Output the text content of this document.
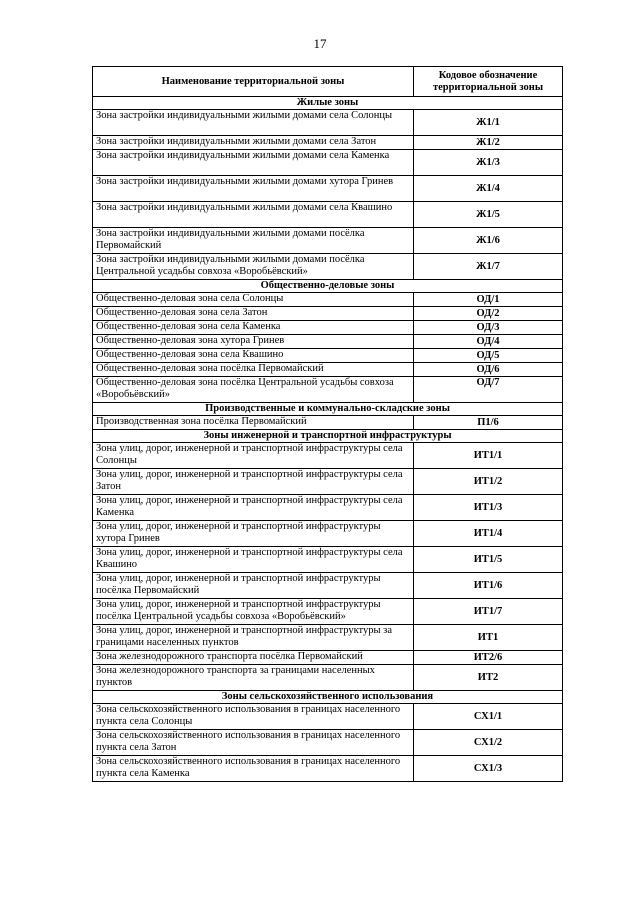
17
Наименование территориальной зоны	Кодовое обозначение территориальной зоны
Жилые зоны	
Зона застройки индивидуальными жилыми домами села Солонцы	Ж1/1
Зона застройки индивидуальными жилыми домами села Затон	Ж1/2
Зона застройки индивидуальными жилыми домами села Каменка	Ж1/3
Зона застройки индивидуальными жилыми домами хутора Гринев	Ж1/4
Зона застройки индивидуальными жилыми домами села Квашино	Ж1/5
Зона застройки индивидуальными жилыми домами посёлка Первомайский	Ж1/6
Зона застройки индивидуальными жилыми домами посёлка Центральной усадьбы совхоза «Воробьёвский»	Ж1/7
Общественно-деловые зоны	
Общественно-деловая зона села Солонцы	ОД/1
Общественно-деловая зона села Затон	ОД/2
Общественно-деловая зона села Каменка	ОД/3
Общественно-деловая зона хутора Гринев	ОД/4
Общественно-деловая зона села Квашино	ОД/5
Общественно-деловая зона посёлка Первомайский	ОД/6
Общественно-деловая зона посёлка Центральной усадьбы совхоза «Воробьёвский»	ОД/7
Производственные и коммунально-складские зоны	
Производственная зона посёлка Первомайский	П1/6
Зоны инженерной и транспортной инфраструктуры	
Зона улиц, дорог, инженерной и транспортной инфраструктуры села Солонцы	ИТ1/1
Зона улиц, дорог, инженерной и транспортной инфраструктуры села Затон	ИТ1/2
Зона улиц, дорог, инженерной и транспортной инфраструктуры села Каменка	ИТ1/3
Зона улиц, дорог, инженерной и транспортной инфраструктуры хутора Гринев	ИТ1/4
Зона улиц, дорог, инженерной и транспортной инфраструктуры села Квашино	ИТ1/5
Зона улиц, дорог, инженерной и транспортной инфраструктуры посёлка Первомайский	ИТ1/6
Зона улиц, дорог, инженерной и транспортной инфраструктуры посёлка Центральной усадьбы совхоза «Воробьёвский»	ИТ1/7
Зона улиц, дорог, инженерной и транспортной инфраструктуры за границами населенных пунктов	ИТ1
Зона железнодорожного транспорта посёлка Первомайский	ИТ2/6
Зона железнодорожного транспорта за границами населенных пунктов	ИТ2
Зоны сельскохозяйственного использования	
Зона сельскохозяйственного использования в границах населенного пункта села Солонцы	СХ1/1
Зона сельскохозяйственного использования в границах населенного пункта села Затон	СХ1/2
Зона сельскохозяйственного использования в границах населенного пункта села Каменка	СХ1/3
